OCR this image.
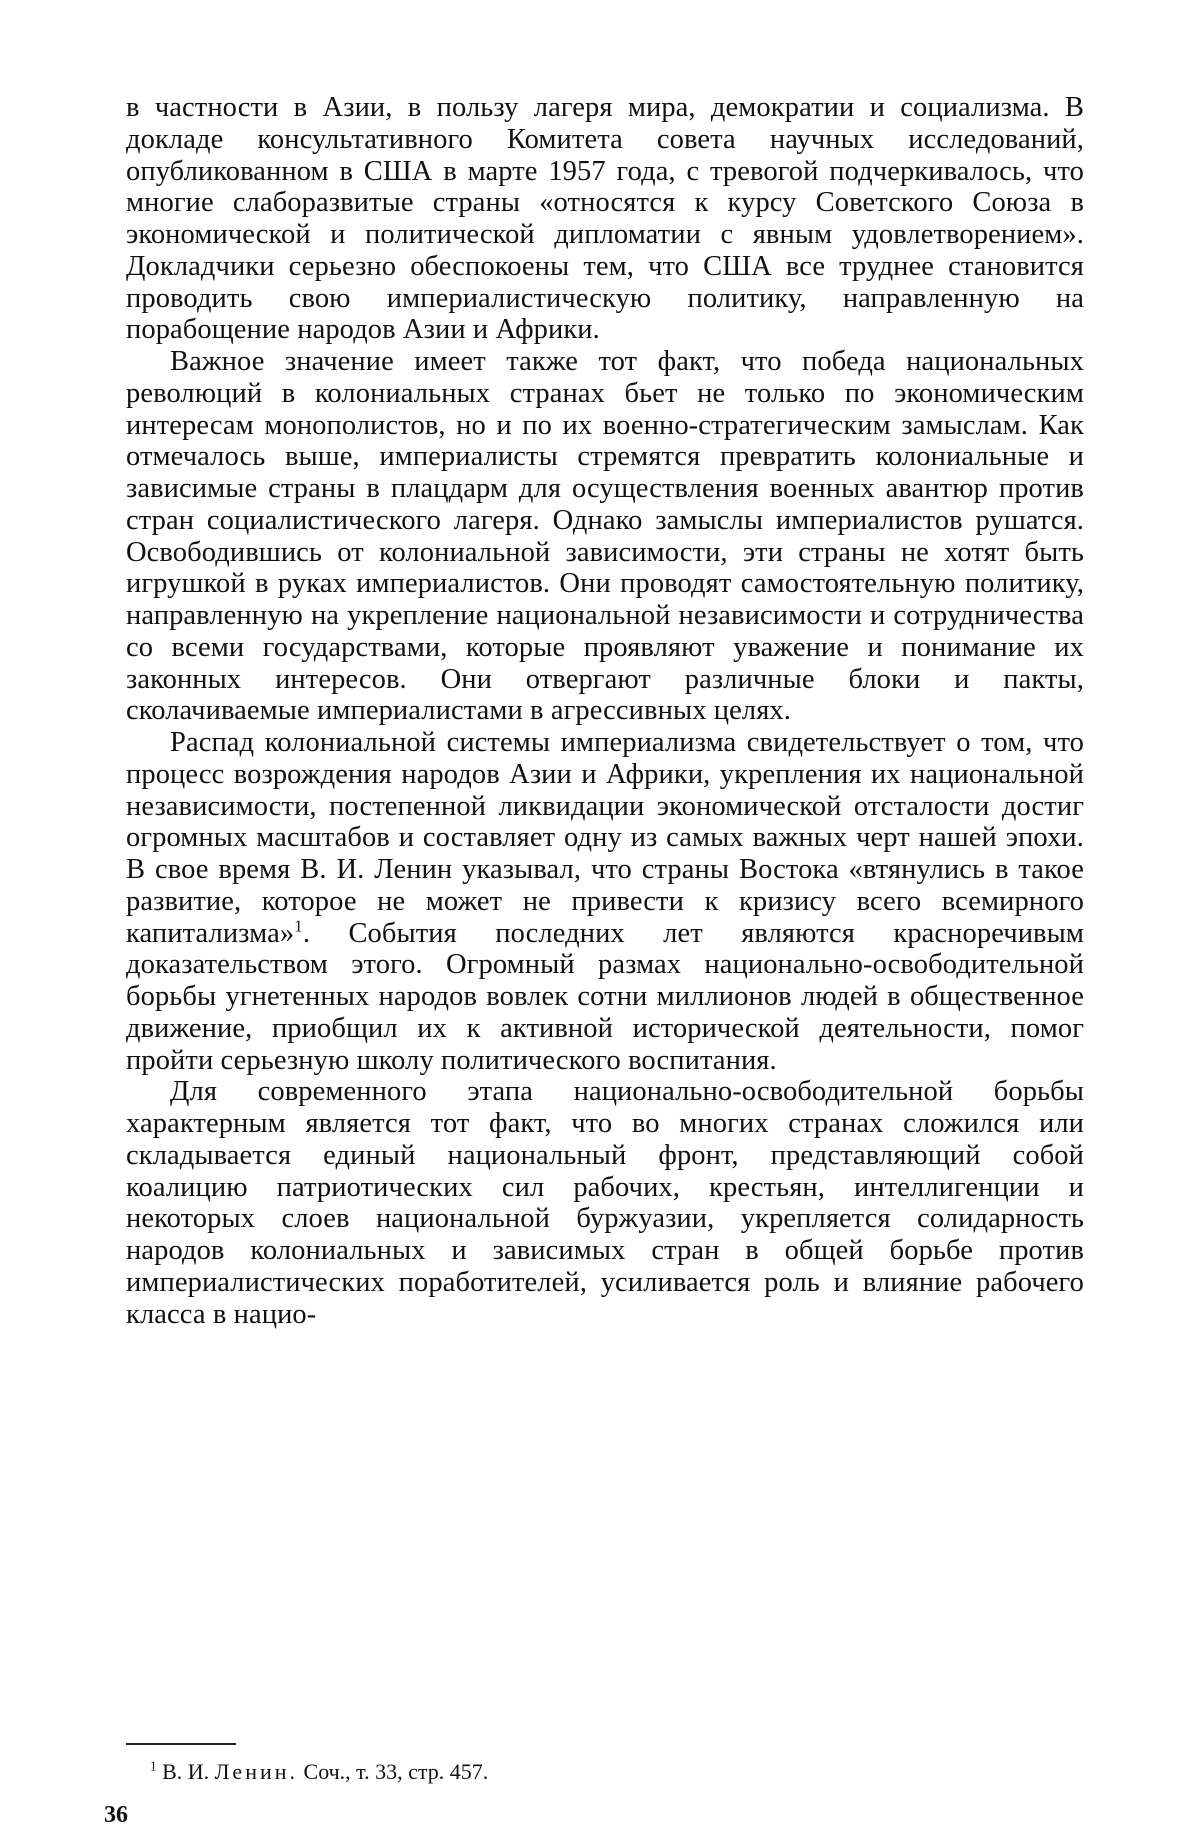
в частности в Азии, в пользу лагеря мира, демократии и социализма. В докладе консультативного Комитета совета научных исследований, опубликованном в США в марте 1957 года, с тревогой подчеркивалось, что многие слаборазвитые страны «относятся к курсу Советского Союза в экономической и политической дипломатии с явным удовлетворением». Докладчики серьезно обеспокоены тем, что США все труднее становится проводить свою империалистическую политику, направленную на порабощение народов Азии и Африки.

Важное значение имеет также тот факт, что победа национальных революций в колониальных странах бьет не только по экономическим интересам монополистов, но и по их военно-стратегическим замыслам. Как отмечалось выше, империалисты стремятся превратить колониальные и зависимые страны в плацдарм для осуществления военных авантюр против стран социалистического лагеря. Однако замыслы империалистов рушатся. Освободившись от колониальной зависимости, эти страны не хотят быть игрушкой в руках империалистов. Они проводят самостоятельную политику, направленную на укрепление национальной независимости и сотрудничества со всеми государствами, которые проявляют уважение и понимание их законных интересов. Они отвергают различные блоки и пакты, сколачиваемые империалистами в агрессивных целях.

Распад колониальной системы империализма свидетельствует о том, что процесс возрождения народов Азии и Африки, укрепления их национальной независимости, постепенной ликвидации экономической отсталости достиг огромных масштабов и составляет одну из самых важных черт нашей эпохи. В свое время В. И. Ленин указывал, что страны Востока «втянулись в такое развитие, которое не может не привести к кризису всего всемирного капитализма»1. События последних лет являются красноречивым доказательством этого. Огромный размах национально-освободительной борьбы угнетенных народов вовлек сотни миллионов людей в общественное движение, приобщил их к активной исторической деятельности, помог пройти серьезную школу политического воспитания.

Для современного этапа национально-освободительной борьбы характерным является тот факт, что во многих странах сложился или складывается единый национальный фронт, представляющий собой коалицию патриотических сил рабочих, крестьян, интеллигенции и некоторых слоев национальной буржуазии, укрепляется солидарность народов колониальных и зависимых стран в общей борьбе против империалистических поработителей, усиливается роль и влияние рабочего класса в нацио-

1 В. И. Ленин. Соч., т. 33, стр. 457.
36
